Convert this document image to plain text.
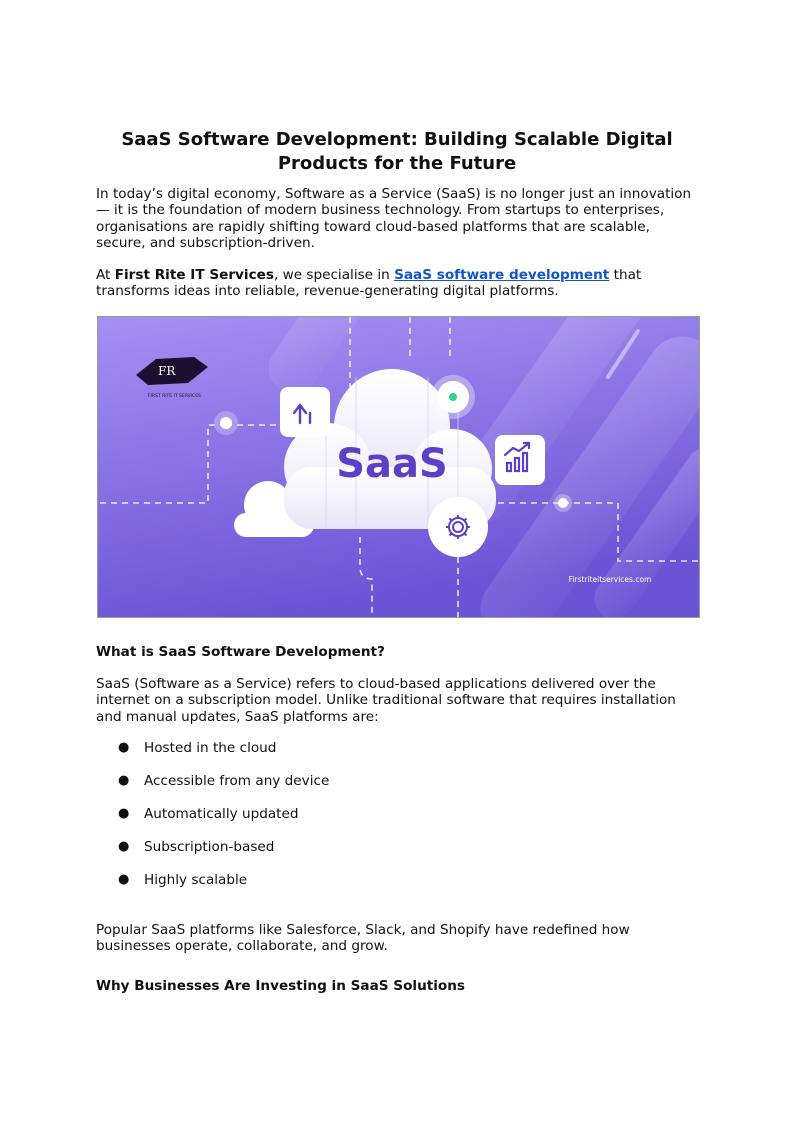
SaaS Software Development: Building Scalable Digital Products for the Future

In today’s digital economy, Software as a Service (SaaS) is no longer just an innovation — it is the foundation of modern business technology. From startups to enterprises, organisations are rapidly shifting toward cloud-based platforms that are scalable, secure, and subscription-driven.

At First Rite IT Services, we specialise in SaaS software development that transforms ideas into reliable, revenue-generating digital platforms.

FR
FIRST RITE IT SERVICES
SaaS
Firstriteitservices.com
What is SaaS Software Development?

SaaS (Software as a Service) refers to cloud-based applications delivered over the internet on a subscription model. Unlike traditional software that requires installation and manual updates, SaaS platforms are:

● Hosted in the cloud
● Accessible from any device
● Automatically updated
● Subscription-based
● Highly scalable

Popular SaaS platforms like Salesforce, Slack, and Shopify have redefined how businesses operate, collaborate, and grow.

Why Businesses Are Investing in SaaS Solutions
